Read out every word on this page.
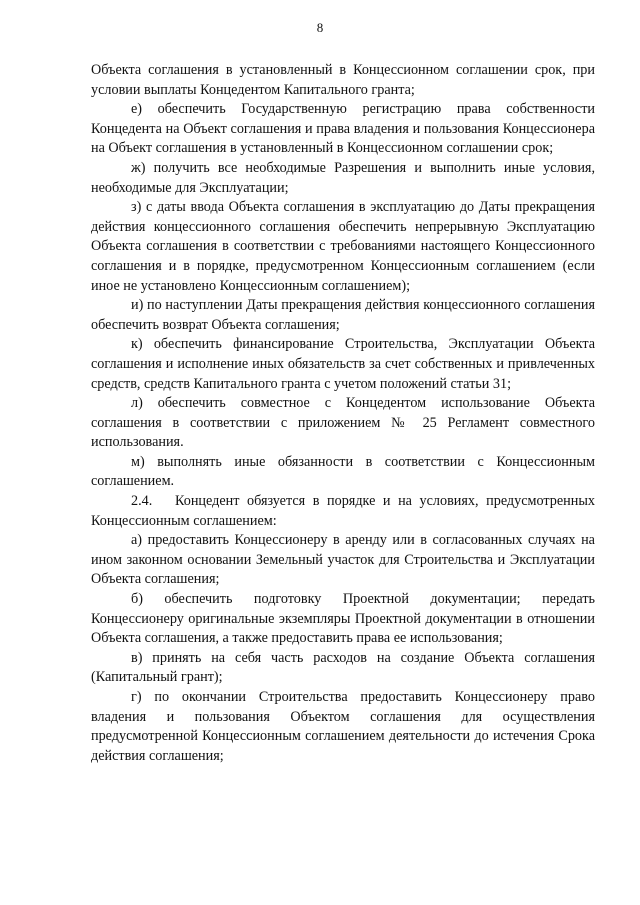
8

Объекта соглашения в установленный в Концессионном соглашении срок, при условии выплаты Концедентом Капитального гранта;

е) обеспечить Государственную регистрацию права собственности Концедента на Объект соглашения и права владения и пользования Концессионера на Объект соглашения в установленный в Концессионном соглашении срок;

ж) получить все необходимые Разрешения и выполнить иные условия, необходимые для Эксплуатации;

з) с даты ввода Объекта соглашения в эксплуатацию до Даты прекращения действия концессионного соглашения обеспечить непрерывную Эксплуатацию Объекта соглашения в соответствии с требованиями настоящего Концессионного соглашения и в порядке, предусмотренном Концессионным соглашением (если иное не установлено Концессионным соглашением);

и) по наступлении Даты прекращения действия концессионного соглашения обеспечить возврат Объекта соглашения;

к) обеспечить финансирование Строительства, Эксплуатации Объекта соглашения и исполнение иных обязательств за счет собственных и привлеченных средств, средств Капитального гранта с учетом положений статьи 31;

л) обеспечить совместное с Концедентом использование Объекта соглашения в соответствии с приложением № 25 Регламент совместного использования.

м) выполнять иные обязанности в соответствии с Концессионным соглашением.

2.4.   Концедент обязуется в порядке и на условиях, предусмотренных Концессионным соглашением:

а) предоставить Концессионеру в аренду или в согласованных случаях на ином законном основании Земельный участок для Строительства и Эксплуатации Объекта соглашения;

б) обеспечить подготовку Проектной документации; передать Концессионеру оригинальные экземпляры Проектной документации в отношении Объекта соглашения, а также предоставить права ее использования;

в) принять на себя часть расходов на создание Объекта соглашения (Капитальный грант);

г) по окончании Строительства предоставить Концессионеру право владения и пользования Объектом соглашения для осуществления предусмотренной Концессионным соглашением деятельности до истечения Срока действия соглашения;
